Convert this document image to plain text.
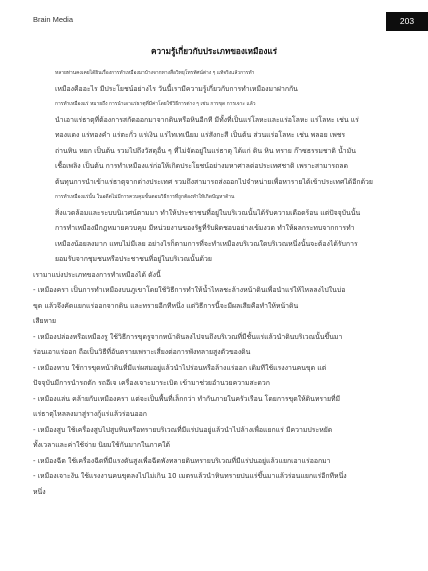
Brain Media	203
ความรู้เกี่ยวกับประเภทของเหมืองแร่
หลายท่านคงเคยได้ยินเรื่องการทำเหมืองมาบ้างจากทางสื่อวิทยุโทรทัศน์ต่าง ๆ แท้จริงแล้วการทำ
เหมืองคืออะไร มีประโยชน์อย่างไร วันนี้เรามีความรู้เกี่ยวกับการทำเหมืองมาฝากกัน
การทำเหมืองแร่ หมายถึง การนำเอาแร่ธาตุที่มีค่าโดยใช้วิธีการต่าง ๆ เช่น การขุด การเจาะ แล้ว
นำเอาแร่ธาตุที่ต้องการสกัดออกมาจากดินหรือหินอีกที มีทั้งที่เป็นแร่โลหะและแร่อโลหะ แร่โลหะ เช่น แร่
ทองแดง แร่ทองคำ แร่ตะกั่ว แร่เงิน แร่ไทเทเนียม แร่สังกะสี เป็นต้น ส่วนแร่อโลหะ เช่น พลอย เพชร
ถ่านหิน หยก เป็นต้น รวมไปถึงวัสดุอื่น ๆ ที่ไม่จัดอยู่ในแร่ธาตุ ได้แก่ ดิน หิน ทราย ก๊าซธรรมชาติ น้ำมัน
เชื้อเพลิง เป็นต้น การทำเหมืองแร่ก่อให้เกิดประโยชน์อย่างมหาศาลต่อประเทศชาติ เพราะสามารถลด
ต้นทุนการนำเข้าแร่ธาตุจากต่างประเทศ รวมถึงสามารถส่งออกไปจำหน่ายเพื่อหารายได้เข้าประเทศได้อีกด้วย
การทำเหมืองแร่นั้น ในอดีตไม่มีการควบคุมขั้นตอนวิธีการที่ถูกต้องทำให้เกิดปัญหาด้าน
สิ่งแวดล้อมและระบบนิเวศน์ตามมา ทำให้ประชาชนที่อยู่ในบริเวณนั้นได้รับความเดือดร้อน แต่ปัจจุบันนั้น
การทำเหมืองมีกฎหมายควบคุม มีหน่วยงานของรัฐที่รับผิดชอบอย่างเข้มงวด ทำให้ผลกระทบจากการทำ
เหมืองน้อยลงมาก แทบไม่มีเลย อย่างไรก็ตามการที่จะทำเหมืองบริเวณใดบริเวณหนึ่งนั้นจะต้องได้รับการ
ยอมรับจากชุมชนหรือประชาชนที่อยู่ในบริเวณนั้นด้วย
เรามาแบ่งประเภทของการทำเหมืองได้ ดังนี้
- เหมืองครา เป็นการทำเหมืองบนภูเขาโดยใช้วิธีการทำให้น้ำไหลชะล้างหน้าดินเพื่อนำแร่ให้ไหลลงไปในบ่อ
ขุด แล้วจึงคัดแยกแร่ออกจากดิน และทรายอีกทีหนึ่ง แต่วิธีการนี้จะมีผลเสียคือทำให้หน้าดิน
เสียหาย
- เหมืองปล่องหรือเหมืองรู ใช้วิธีการขุดรูจากหน้าดินลงไปจนถึงบริเวณที่มีชั้นแร่แล้วนำดินบริเวณนั้นขึ้นมา
ร่อนเอาแร่ออก ถือเป็นวิธีที่อันตรายเพราะเสี่ยงต่อการพังทลายสูงตัวของดิน
- เหมืองหาบ ใช้การขุดหน้าดินที่มีแร่ผสมอยู่แล้วนำไปร่อนหรือล้างแร่ออก เดิมทีใช้แรงงานคนขุด แต่
ปัจจุบันมีการนำรถตัก รถอีเจ เครื่องเจาะมาระเบิด เข้ามาช่วยอำนวยความสะดวก
- เหมืองแล่น คล้ายกับเหมืองครา แต่จะเป็นพื้นที่เล็กกว่า ทำกันภายในครัวเรือน โดยการขุดให้ดินทรายที่มี
แร่ธาตุไหลลงมาสู่รางกู้แร่แล้วร่อนออก
- เหมืองสูบ ใช้เครื่องสูบไปสูบหินหรือทรายบริเวณที่มีแร่ปนอยู่แล้วนำไปล้างเพื่อแยกแร่ มีความประหยัด
ทั้งเวลาและค่าใช้จ่าย นิยมใช้กันมากในภาคใต้
- เหมืองฉีด ใช้เครื่องฉีดที่มีแรงดันสูงเพื่อฉีดพังทลายดินทรายบริเวณที่มีแร่ปนอยู่แล้วแยกเอาแร่ออกมา
- เหมืองเจาะงัน ใช้แรงงานคนขุดลงไปไม่เกิน 10 เมตรแล้วนำหินทรายปนแร่ขึ้นมาแล้วร่อนแยกแร่อีกทีหนึ่ง
หนึ่ง
